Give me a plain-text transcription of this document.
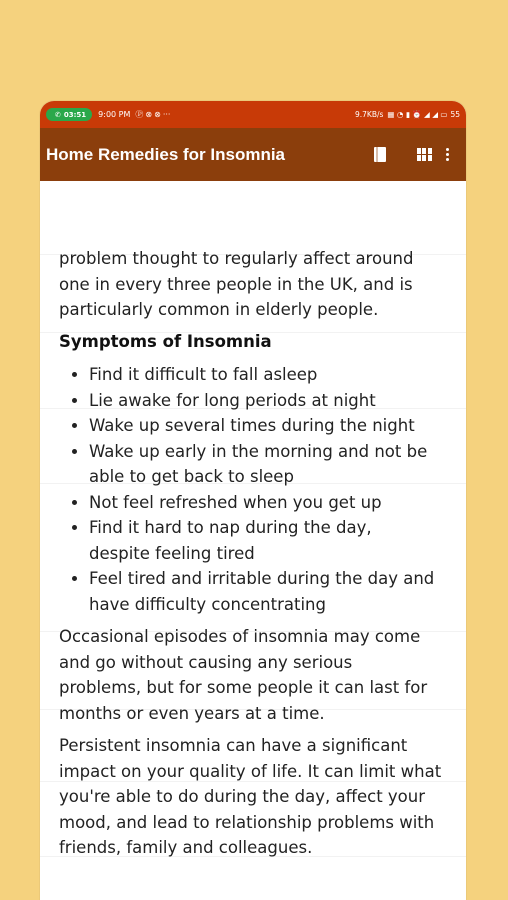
✆ 03:51 9:00 PM Ⓟ⊗⊗ ···	9.7KB/s ▦ ◔ ▮ ⏰ ◢ ◢ ▭ 55
Home Remedies for Insomnia

problem thought to regularly affect around one in every three people in the UK, and is particularly common in elderly people.

Symptoms of Insomnia
• Find it difficult to fall asleep
• Lie awake for long periods at night
• Wake up several times during the night
• Wake up early in the morning and not be able to get back to sleep
• Not feel refreshed when you get up
• Find it hard to nap during the day, despite feeling tired
• Feel tired and irritable during the day and have difficulty concentrating

Occasional episodes of insomnia may come and go without causing any serious problems, but for some people it can last for months or even years at a time.

Persistent insomnia can have a significant impact on your quality of life. It can limit what you're able to do during the day, affect your mood, and lead to relationship problems with friends, family and colleagues.
